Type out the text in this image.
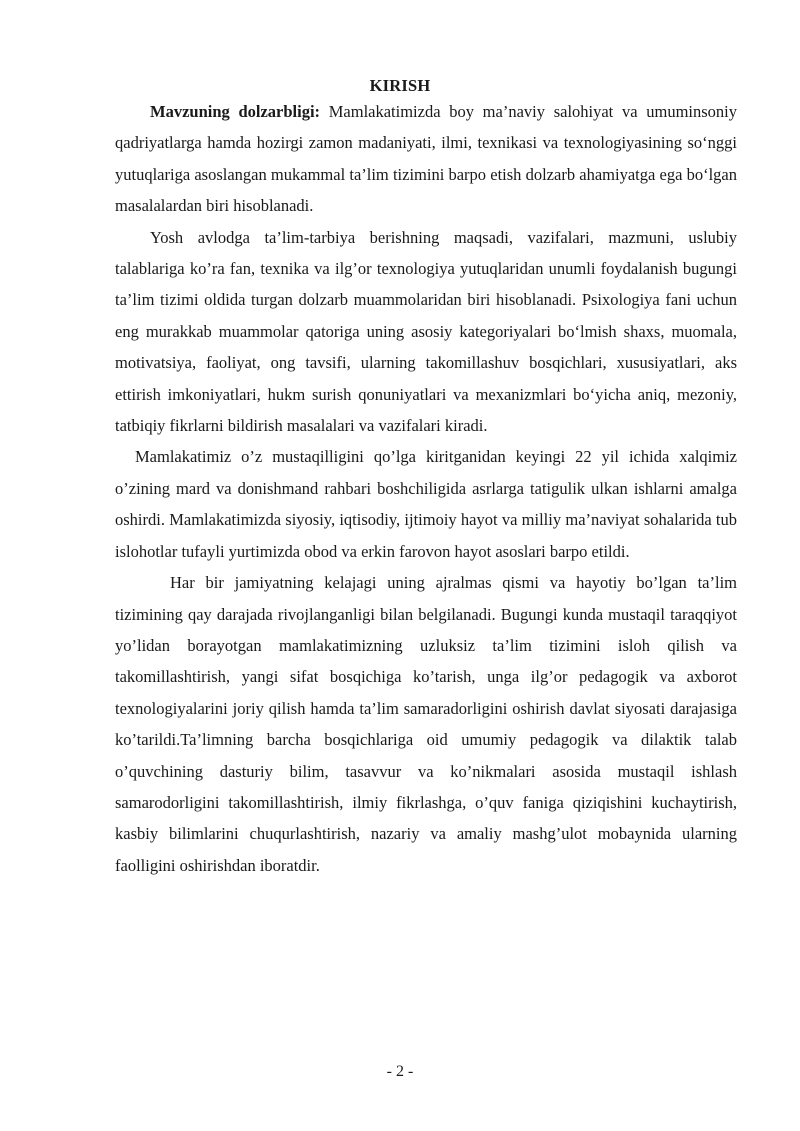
KIRISH

Mavzuning dolzarbligi: Mamlakatimizda boy ma’naviy salohiyat va umuminsoniy qadriyatlarga hamda hozirgi zamon madaniyati, ilmi, texnikasi va texnologiyasining so‘nggi yutuqlariga asoslangan mukammal ta’lim tizimini barpo etish dolzarb ahamiyatga ega bo‘lgan masalalardan biri hisoblanadi.

Yosh avlodga ta’lim-tarbiya berishning maqsadi, vazifalari, mazmuni, uslubiy talablariga ko’ra fan, texnika va ilg’or texnologiya yutuqlaridan unumli foydalanish bugungi ta’lim tizimi oldida turgan dolzarb muammolaridan biri hisoblanadi. Psixologiya fani uchun eng murakkab muammolar qatoriga uning asosiy kategoriyalari bo‘lmish shaxs, muomala, motivatsiya, faoliyat, ong tavsifi, ularning takomillashuv bosqichlari, xususiyatlari, aks ettirish imkoniyatlari, hukm surish qonuniyatlari va mexanizmlari bo‘yicha aniq, mezoniy, tatbiqiy fikrlarni bildirish masalalari va vazifalari kiradi.

Mamlakatimiz o’z mustaqilligini qo’lga kiritganidan keyingi 22 yil ichida xalqimiz o’zining mard va donishmand rahbari boshchiligida asrlarga tatigulik ulkan ishlarni amalga oshirdi. Mamlakatimizda siyosiy, iqtisodiy, ijtimoiy hayot va milliy ma’naviyat sohalarida tub islohotlar tufayli yurtimizda obod va erkin farovon hayot asoslari barpo etildi.

Har bir jamiyatning kelajagi uning ajralmas qismi va hayotiy bo’lgan ta’lim tizimining qay darajada rivojlanganligi bilan belgilanadi. Bugungi kunda mustaqil taraqqiyot yo’lidan borayotgan mamlakatimizning uzluksiz ta’lim tizimini isloh qilish va takomillashtirish, yangi sifat bosqichiga ko’tarish, unga ilg’or pedagogik va axborot texnologiyalarini joriy qilish hamda ta’lim samaradorligini oshirish davlat siyosati darajasiga ko’tarildi.Ta’limning barcha bosqichlariga oid umumiy pedagogik va dilaktik talab o’quvchining dasturiy bilim, tasavvur va ko’nikmalari asosida mustaqil ishlash samarodorligini takomillashtirish, ilmiy fikrlashga, o’quv faniga qiziqishini kuchaytirish, kasbiy bilimlarini chuqurlashtirish, nazariy va amaliy mashg’ulot mobaynida ularning faolligini oshirishdan iboratdir.

- 2 -
